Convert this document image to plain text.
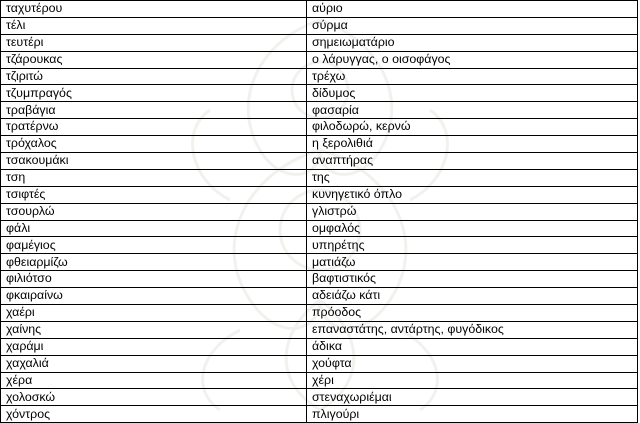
ταχυτέρου	αύριο
τέλι	σύρμα
τευτέρι	σημειωματάριο
τζάρουκας	ο λάρυγγας, ο οισοφάγος
τζιριτώ	τρέχω
τζυμπραγός	δίδυμος
τραβάγια	φασαρία
τρατέρνω	φιλοδωρώ, κερνώ
τρόχαλος	η ξερολιθιά
τσακουμάκι	αναπτήρας
τση	της
τσιφτές	κυνηγετικό όπλο
τσουρλώ	γλιστρώ
φάλι	ομφαλός
φαμέγιος	υπηρέτης
φθειαρμίζω	ματιάζω
φιλιότσο	βαφτιστικός
φκαιραίνω	αδειάζω κάτι
χαέρι	πρόοδος
χαίνης	επαναστάτης, αντάρτης, φυγόδικος
χαράμι	άδικα
χαχαλιά	χούφτα
χέρα	χέρι
χολοσκώ	στεναχωριέμαι
χόντρος	πλιγούρι
